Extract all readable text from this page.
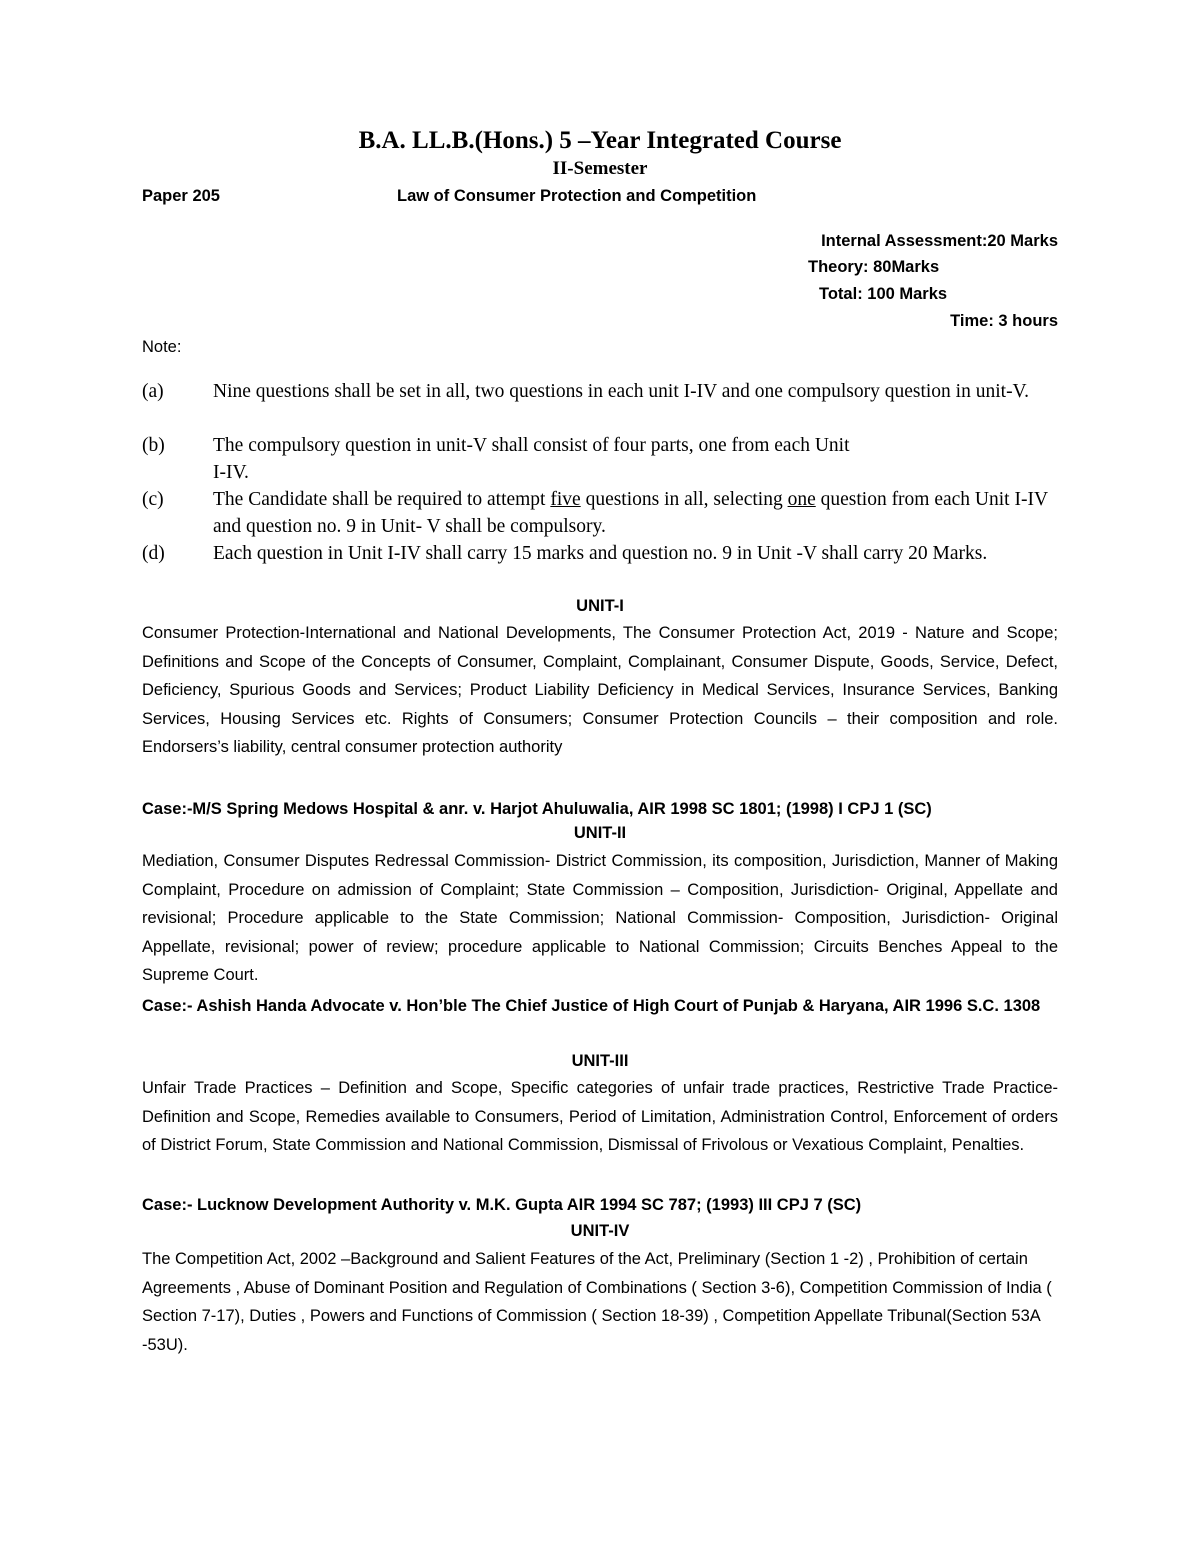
B.A. LL.B.(Hons.) 5 –Year Integrated Course
II-Semester
Paper 205	Law of Consumer Protection and Competition
Internal Assessment:20 Marks
Theory: 80Marks
Total: 100 Marks
Time: 3 hours
Note:
(a)	Nine questions shall be set in all, two questions in each unit I-IV and one compulsory question in unit-V.
(b) The compulsory question in unit-V shall consist of four parts, one from each Unit
I-IV.
(c)	The Candidate shall be required to attempt five questions in all, selecting one question from each Unit I-IV and question no. 9 in Unit- V shall be compulsory.
(d) Each question in Unit I-IV shall carry 15 marks and question no. 9 in Unit -V shall carry 20 Marks.
UNIT-I
Consumer Protection-International and National Developments, The Consumer Protection Act, 2019 - Nature and Scope; Definitions and Scope of the Concepts of Consumer, Complaint, Complainant, Consumer Dispute, Goods, Service, Defect, Deficiency, Spurious Goods and Services; Product Liability Deficiency in Medical Services, Insurance Services, Banking Services, Housing Services etc. Rights of Consumers; Consumer Protection Councils – their composition and role. Endorsers’s liability, central consumer protection authority
Case:-M/S Spring Medows Hospital & anr. v. Harjot Ahuluwalia, AIR 1998 SC 1801; (1998) I CPJ 1 (SC)
UNIT-II
Mediation, Consumer Disputes Redressal Commission- District Commission, its composition, Jurisdiction, Manner of Making Complaint, Procedure on admission of Complaint; State Commission – Composition, Jurisdiction- Original, Appellate and revisional; Procedure applicable to the State Commission; National Commission- Composition, Jurisdiction- Original Appellate, revisional; power of review; procedure applicable to National Commission; Circuits Benches Appeal to the Supreme Court.
Case:- Ashish Handa Advocate v. Hon’ble The Chief Justice of High Court of Punjab & Haryana, AIR 1996 S.C. 1308
UNIT-III
Unfair Trade Practices – Definition and Scope, Specific categories of unfair trade practices, Restrictive Trade Practice- Definition and Scope, Remedies available to Consumers, Period of Limitation, Administration Control, Enforcement of orders of District Forum, State Commission and National Commission, Dismissal of Frivolous or Vexatious Complaint, Penalties.
Case:- Lucknow Development Authority v. M.K. Gupta AIR 1994 SC 787; (1993) III CPJ 7 (SC)
UNIT-IV
The Competition Act, 2002 –Background and Salient Features of the Act, Preliminary (Section 1 -2) , Prohibition of certain Agreements , Abuse of Dominant Position and Regulation of Combinations ( Section 3-6), Competition Commission of India ( Section 7-17), Duties , Powers and Functions of Commission ( Section 18-39) , Competition Appellate Tribunal(Section 53A -53U).
